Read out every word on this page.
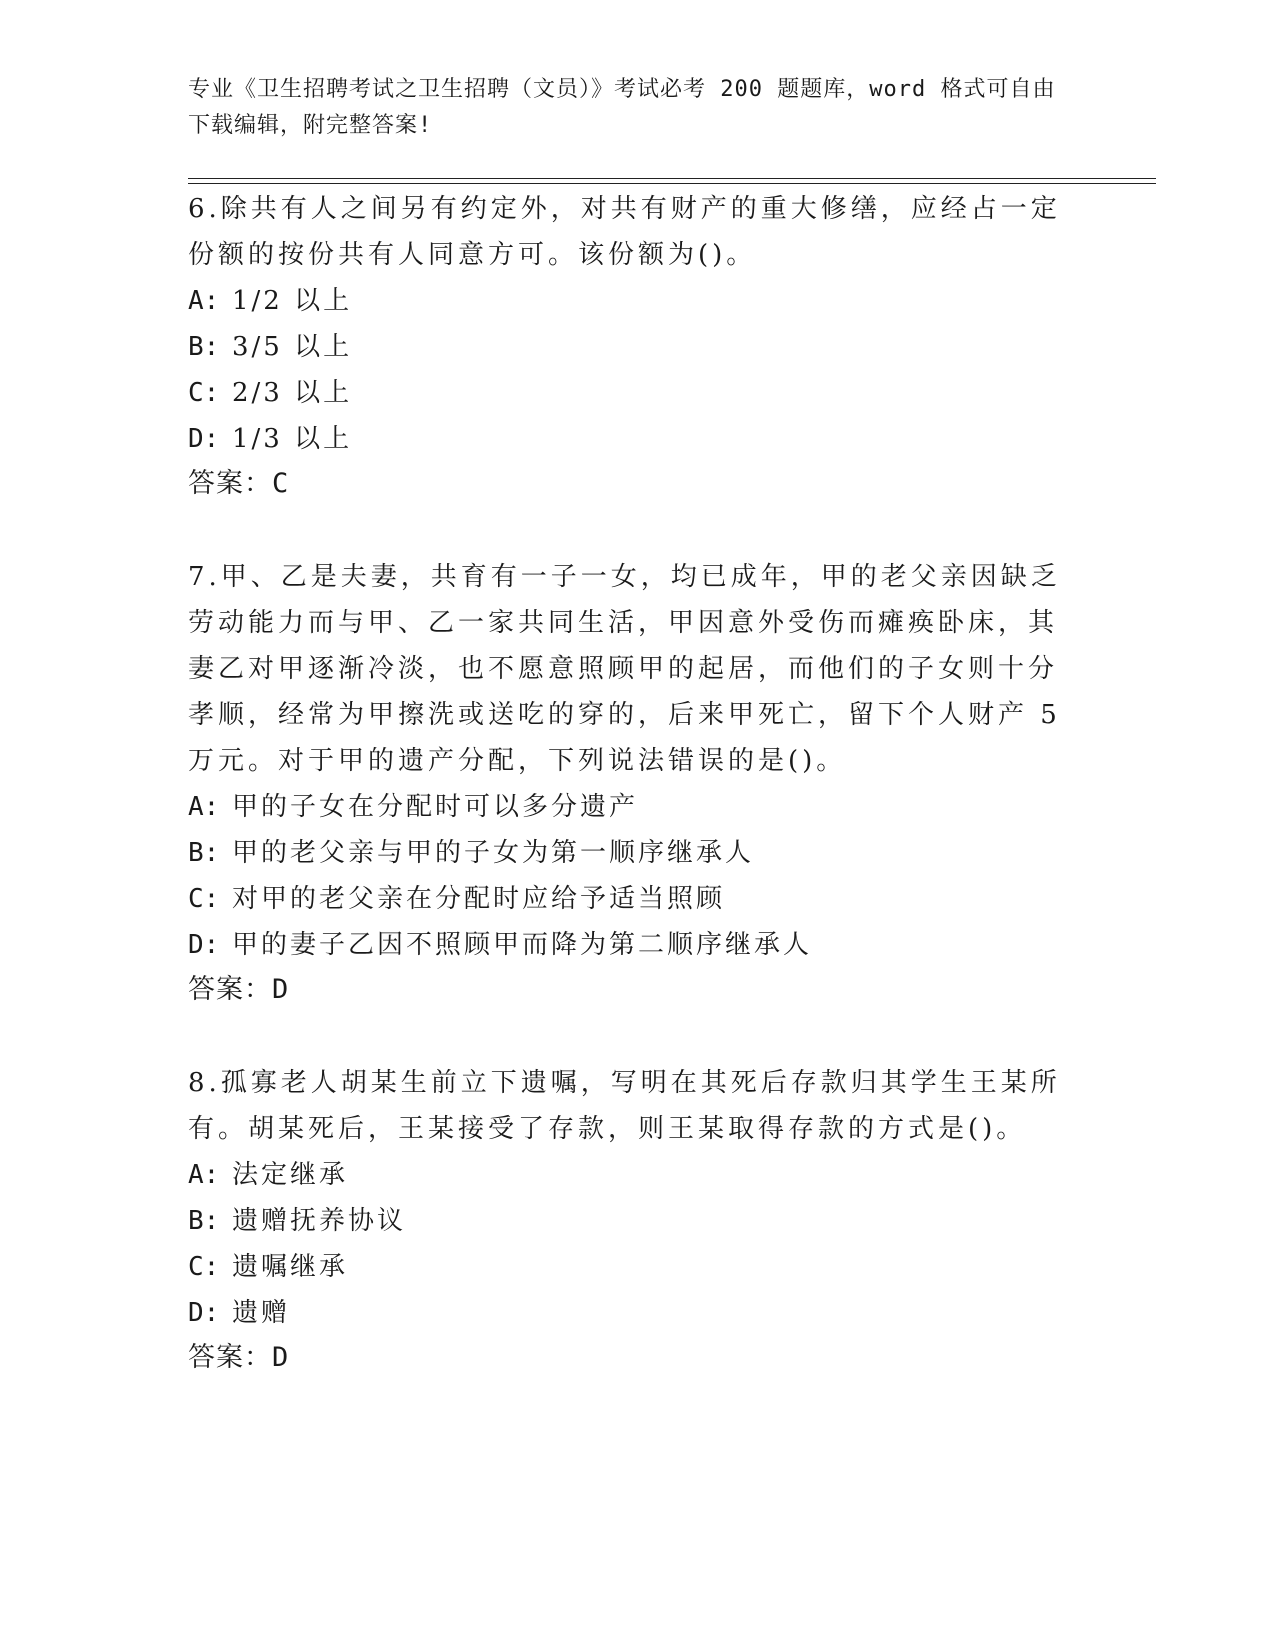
专业《卫生招聘考试之卫生招聘（文员）》考试必考 200 题题库，word 格式可自由下载编辑，附完整答案!

6.除共有人之间另有约定外，对共有财产的重大修缮，应经占一定份额的按份共有人同意方可。该份额为()。

A: 1/2 以上
B: 3/5 以上
C: 2/3 以上
D: 1/3 以上
答案：C

7.甲、乙是夫妻，共育有一子一女，均已成年，甲的老父亲因缺乏劳动能力而与甲、乙一家共同生活，甲因意外受伤而瘫痪卧床，其妻乙对甲逐渐冷淡，也不愿意照顾甲的起居，而他们的子女则十分孝顺，经常为甲擦洗或送吃的穿的，后来甲死亡，留下个人财产 5 万元。对于甲的遗产分配，下列说法错误的是()。

A: 甲的子女在分配时可以多分遗产
B: 甲的老父亲与甲的子女为第一顺序继承人
C: 对甲的老父亲在分配时应给予适当照顾
D: 甲的妻子乙因不照顾甲而降为第二顺序继承人
答案：D

8.孤寡老人胡某生前立下遗嘱，写明在其死后存款归其学生王某所有。胡某死后，王某接受了存款，则王某取得存款的方式是()。

A: 法定继承
B: 遗赠抚养协议
C: 遗嘱继承
D: 遗赠
答案：D
